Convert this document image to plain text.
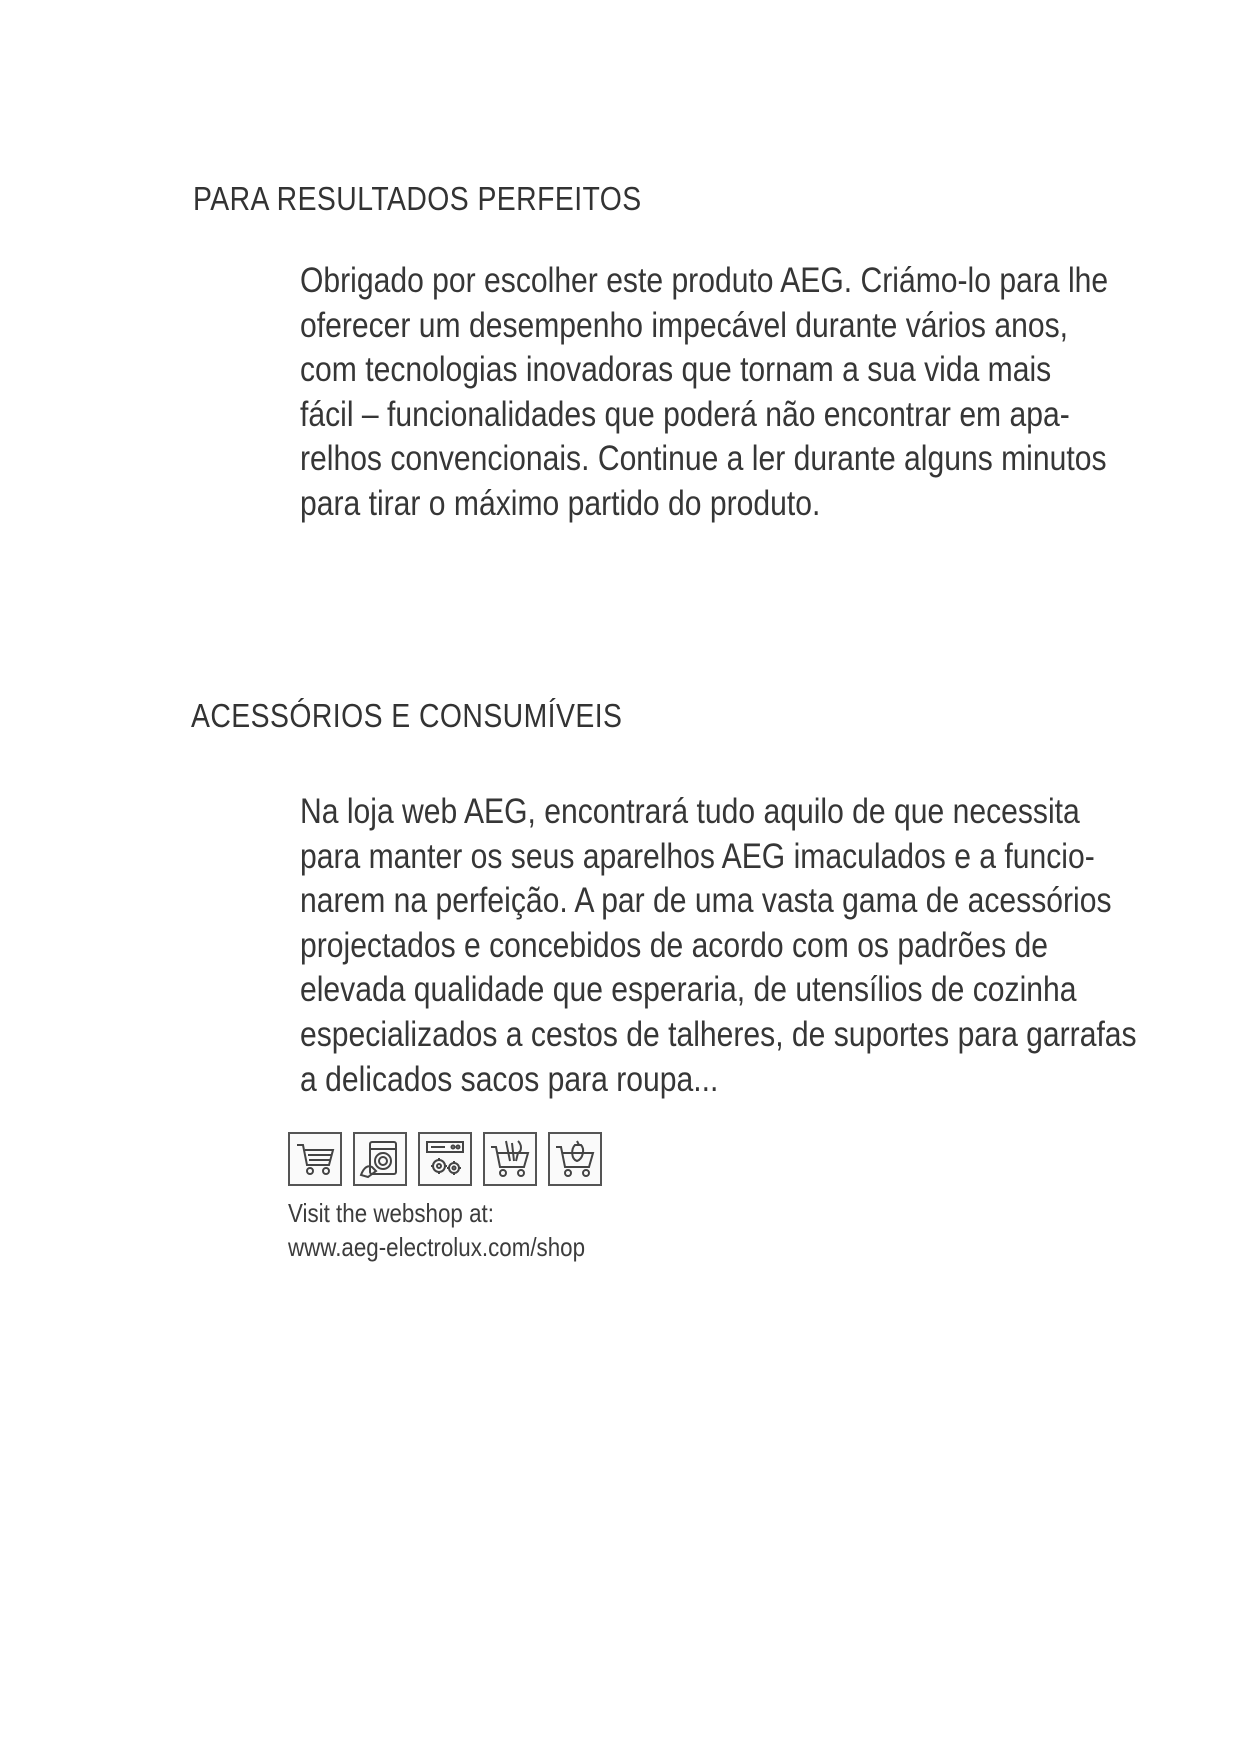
PARA RESULTADOS PERFEITOS
Obrigado por escolher este produto AEG. Criámo-lo para lhe
oferecer um desempenho impecável durante vários anos,
com tecnologias inovadoras que tornam a sua vida mais
fácil – funcionalidades que poderá não encontrar em apa-
relhos convencionais. Continue a ler durante alguns minutos
para tirar o máximo partido do produto.
ACESSÓRIOS E CONSUMÍVEIS
Na loja web AEG, encontrará tudo aquilo de que necessita
para manter os seus aparelhos AEG imaculados e a funcio-
narem na perfeição. A par de uma vasta gama de acessórios
projectados e concebidos de acordo com os padrões de
elevada qualidade que esperaria, de utensílios de cozinha
especializados a cestos de talheres, de suportes para garrafas
a delicados sacos para roupa...
Visit the webshop at:
www.aeg-electrolux.com/shop
